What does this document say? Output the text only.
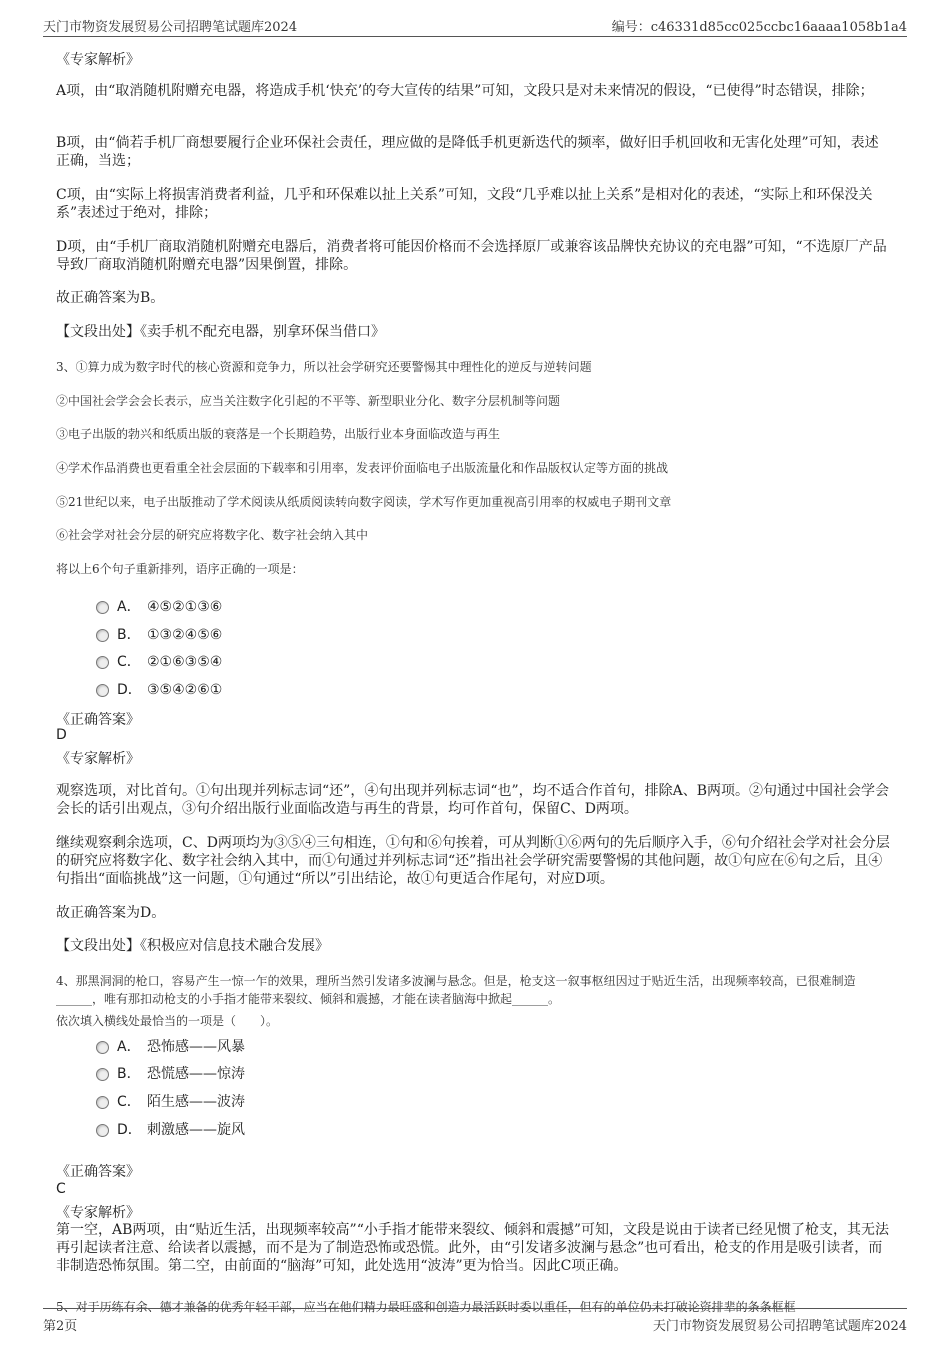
天门市物资发展贸易公司招聘笔试题库2024	编号：c46331d85cc025ccbc16aaaa1058b1a4
《专家解析》
A项，由“取消随机附赠充电器，将造成手机‘快充’的夸大宣传的结果”可知，文段只是对未来情况的假设，“已使得”时态错误，排除；
B项，由“倘若手机厂商想要履行企业环保社会责任，理应做的是降低手机更新迭代的频率，做好旧手机回收和无害化处理”可知，表述正确，当选；
C项，由“实际上将损害消费者利益，几乎和环保难以扯上关系”可知，文段“几乎难以扯上关系”是相对化的表述，“实际上和环保没关系”表述过于绝对，排除；
D项，由“手机厂商取消随机附赠充电器后，消费者将可能因价格而不会选择原厂或兼容该品牌快充协议的充电器”可知，“不选原厂产品导致厂商取消随机附赠充电器”因果倒置，排除。
故正确答案为B。
【文段出处】《卖手机不配充电器，别拿环保当借口》
3、①算力成为数字时代的核心资源和竞争力，所以社会学研究还要警惕其中理性化的逆反与逆转问题
②中国社会学会会长表示，应当关注数字化引起的不平等、新型职业分化、数字分层机制等问题
③电子出版的勃兴和纸质出版的衰落是一个长期趋势，出版行业本身面临改造与再生
④学术作品消费也更看重全社会层面的下载率和引用率，发表评价面临电子出版流量化和作品版权认定等方面的挑战
⑤21世纪以来，电子出版推动了学术阅读从纸质阅读转向数字阅读，学术写作更加重视高引用率的权威电子期刊文章
⑥社会学对社会分层的研究应将数字化、数字社会纳入其中
将以上6个句子重新排列，语序正确的一项是：
A． ④⑤②①③⑥
B． ①③②④⑤⑥
C． ②①⑥③⑤④
D． ③⑤④②⑥①
《正确答案》
D
《专家解析》
观察选项，对比首句。①句出现并列标志词“还”，④句出现并列标志词“也”，均不适合作首句，排除A、B两项。②句通过中国社会学会会长的话引出观点，③句介绍出版行业面临改造与再生的背景，均可作首句，保留C、D两项。
继续观察剩余选项，C、D两项均为③⑤④三句相连，①句和⑥句挨着，可从判断①⑥两句的先后顺序入手，⑥句介绍社会学对社会分层的研究应将数字化、数字社会纳入其中，而①句通过并列标志词“还”指出社会学研究需要警惕的其他问题，故①句应在⑥句之后，且④句指出“面临挑战”这一问题，①句通过“所以”引出结论，故①句更适合作尾句，对应D项。
故正确答案为D。
【文段出处】《积极应对信息技术融合发展》
4、那黑洞洞的枪口，容易产生一惊一乍的效果，理所当然引发诸多波澜与悬念。但是，枪支这一叙事枢纽因过于贴近生活，出现频率较高，已很难制造______，唯有那扣动枪支的小手指才能带来裂纹、倾斜和震撼，才能在读者脑海中掀起______。
依次填入横线处最恰当的一项是（　　）。
A． 恐怖感——风暴
B． 恐慌感——惊涛
C． 陌生感——波涛
D． 刺激感——旋风
《正确答案》
C
《专家解析》
第一空，AB两项，由“贴近生活，出现频率较高”“小手指才能带来裂纹、倾斜和震撼”可知，文段是说由于读者已经见惯了枪支，其无法再引起读者注意、给读者以震撼，而不是为了制造恐怖或恐慌。此外，由“引发诸多波澜与悬念”也可看出，枪支的作用是吸引读者，而非制造恐怖氛围。第二空，由前面的“脑海”可知，此处选用“波涛”更为恰当。因此C项正确。
5、对于历练有余、德才兼备的优秀年轻干部，应当在他们精力最旺盛和创造力最活跃时委以重任，但有的单位仍未打破论资排辈的条条框框
第2页	天门市物资发展贸易公司招聘笔试题库2024
